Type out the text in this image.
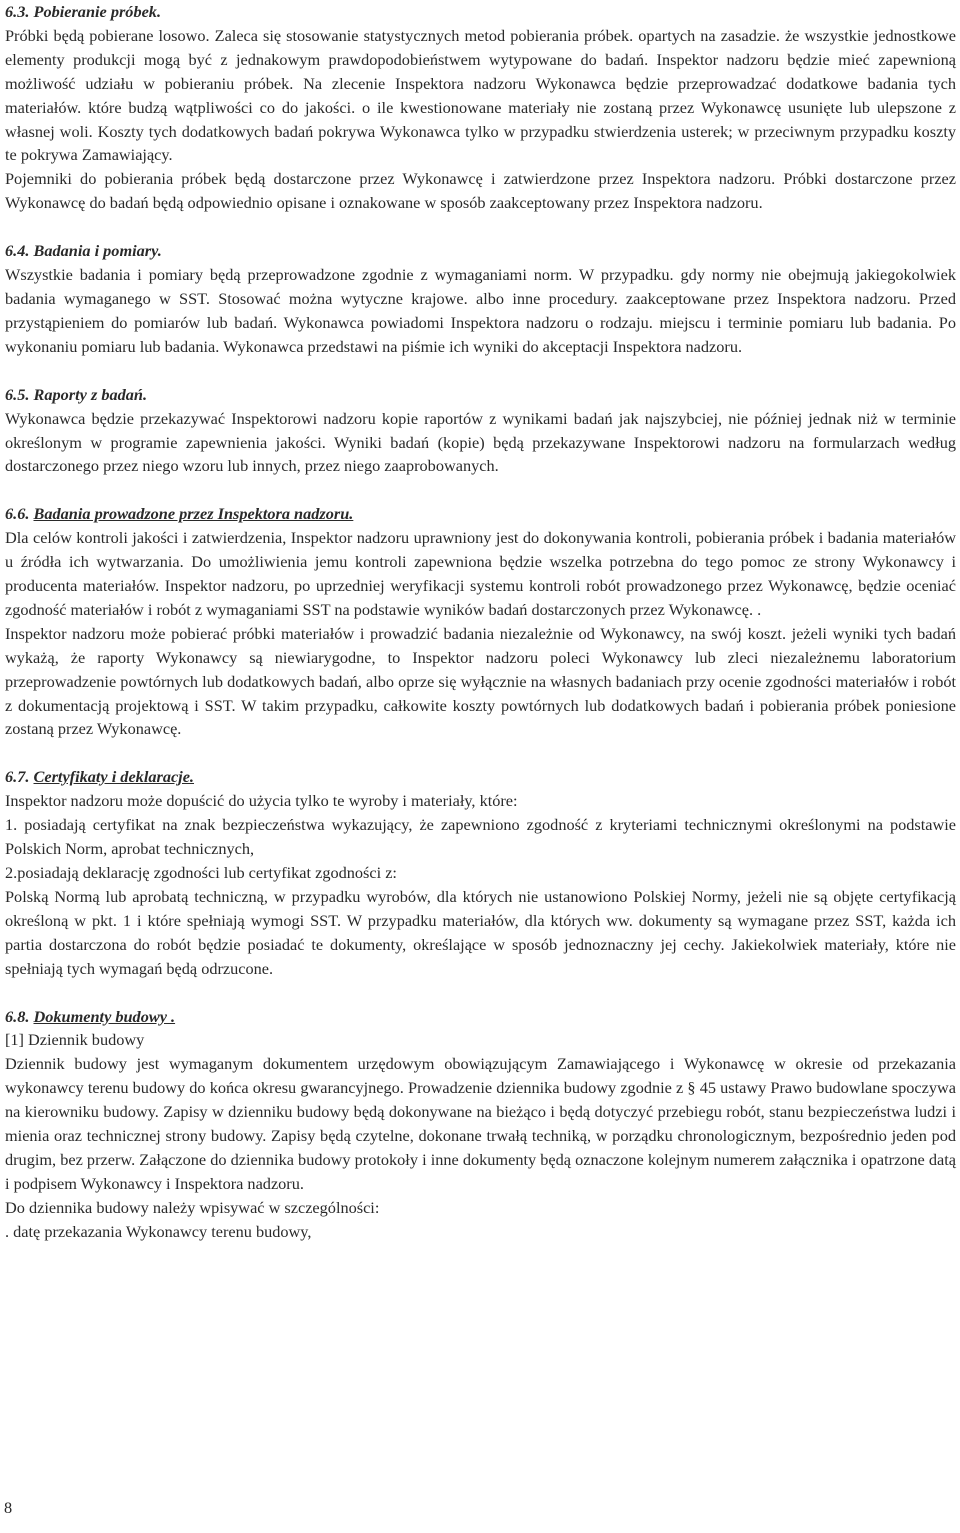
6.3. Pobieranie próbek.

Próbki będą pobierane losowo. Zaleca się stosowanie statystycznych metod pobierania próbek. opartych na zasadzie. że wszystkie jednostkowe elementy produkcji mogą być z jednakowym prawdopodobieństwem wytypowane do badań. Inspektor nadzoru będzie mieć zapewnioną możliwość udziału w pobieraniu próbek. Na zlecenie Inspektora nadzoru Wykonawca będzie przeprowadzać dodatkowe badania tych materiałów. które budzą wątpliwości co do jakości. o ile kwestionowane materiały nie zostaną przez Wykonawcę usunięte lub ulepszone z własnej woli. Koszty tych dodatkowych badań pokrywa Wykonawca tylko w przypadku stwierdzenia usterek; w przeciwnym przypadku koszty te pokrywa Zamawiający.

Pojemniki do pobierania próbek będą dostarczone przez Wykonawcę i zatwierdzone przez Inspektora nadzoru. Próbki dostarczone przez Wykonawcę do badań będą odpowiednio opisane i oznakowane w sposób zaakceptowany przez Inspektora nadzoru.

6.4. Badania i pomiary.

Wszystkie badania i pomiary będą przeprowadzone zgodnie z wymaganiami norm. W przypadku. gdy normy nie obejmują jakiegokolwiek badania wymaganego w SST. Stosować można wytyczne krajowe. albo inne procedury. zaakceptowane przez Inspektora nadzoru. Przed przystąpieniem do pomiarów lub badań. Wykonawca powiadomi Inspektora nadzoru o rodzaju. miejscu i terminie pomiaru lub badania. Po wykonaniu pomiaru lub badania. Wykonawca przedstawi na piśmie ich wyniki do akceptacji Inspektora nadzoru.

6.5. Raporty z badań.

Wykonawca będzie przekazywać Inspektorowi nadzoru kopie raportów z wynikami badań jak najszybciej, nie później jednak niż w terminie określonym w programie zapewnienia jakości. Wyniki badań (kopie) będą przekazywane Inspektorowi nadzoru na formularzach według dostarczonego przez niego wzoru lub innych, przez niego zaaprobowanych.

6.6. Badania prowadzone przez Inspektora nadzoru.

Dla celów kontroli jakości i zatwierdzenia, Inspektor nadzoru uprawniony jest do dokonywania kontroli, pobierania próbek i badania materiałów u źródła ich wytwarzania. Do umożliwienia jemu kontroli zapewniona będzie wszelka potrzebna do tego pomoc ze strony Wykonawcy i producenta materiałów. Inspektor nadzoru, po uprzedniej weryfikacji systemu kontroli robót prowadzonego przez Wykonawcę, będzie oceniać zgodność materiałów i robót z wymaganiami SST na podstawie wyników badań dostarczonych przez Wykonawcę. .

Inspektor nadzoru może pobierać próbki materiałów i prowadzić badania niezależnie od Wykonawcy, na swój koszt. jeżeli wyniki tych badań wykażą, że raporty Wykonawcy są niewiarygodne, to Inspektor nadzoru poleci Wykonawcy lub zleci niezależnemu laboratorium przeprowadzenie powtórnych lub dodatkowych badań, albo oprze się wyłącznie na własnych badaniach przy ocenie zgodności materiałów i robót z dokumentacją projektową i SST. W takim przypadku, całkowite koszty powtórnych lub dodatkowych badań i pobierania próbek poniesione zostaną przez Wykonawcę.

6.7. Certyfikaty i deklaracje.

Inspektor nadzoru może dopuścić do użycia tylko te wyroby i materiały, które:

1. posiadają certyfikat na znak bezpieczeństwa wykazujący, że zapewniono zgodność z kryteriami technicznymi określonymi na podstawie Polskich Norm, aprobat technicznych,

2.posiadają deklarację zgodności lub certyfikat zgodności z:

Polską Normą lub aprobatą techniczną, w przypadku wyrobów, dla których nie ustanowiono Polskiej Normy, jeżeli nie są objęte certyfikacją określoną w pkt. 1 i które spełniają wymogi SST. W przypadku materiałów, dla których ww. dokumenty są wymagane przez SST, każda ich partia dostarczona do robót będzie posiadać te dokumenty, określające w sposób jednoznaczny jej cechy. Jakiekolwiek materiały, które nie spełniają tych wymagań będą odrzucone.

6.8. Dokumenty budowy .

[1] Dziennik budowy

Dziennik budowy jest wymaganym dokumentem urzędowym obowiązującym Zamawiającego i Wykonawcę w okresie od przekazania wykonawcy terenu budowy do końca okresu gwarancyjnego. Prowadzenie dziennika budowy zgodnie z § 45 ustawy Prawo budowlane spoczywa na kierowniku budowy. Zapisy w dzienniku budowy będą dokonywane na bieżąco i będą dotyczyć przebiegu robót, stanu bezpieczeństwa ludzi i mienia oraz technicznej strony budowy. Zapisy będą czytelne, dokonane trwałą techniką, w porządku chronologicznym, bezpośrednio jeden pod drugim, bez przerw. Załączone do dziennika budowy protokoły i inne dokumenty będą oznaczone kolejnym numerem załącznika i opatrzone datą i podpisem Wykonawcy i Inspektora nadzoru.

Do dziennika budowy należy wpisywać w szczególności:

. datę przekazania Wykonawcy terenu budowy,

8
